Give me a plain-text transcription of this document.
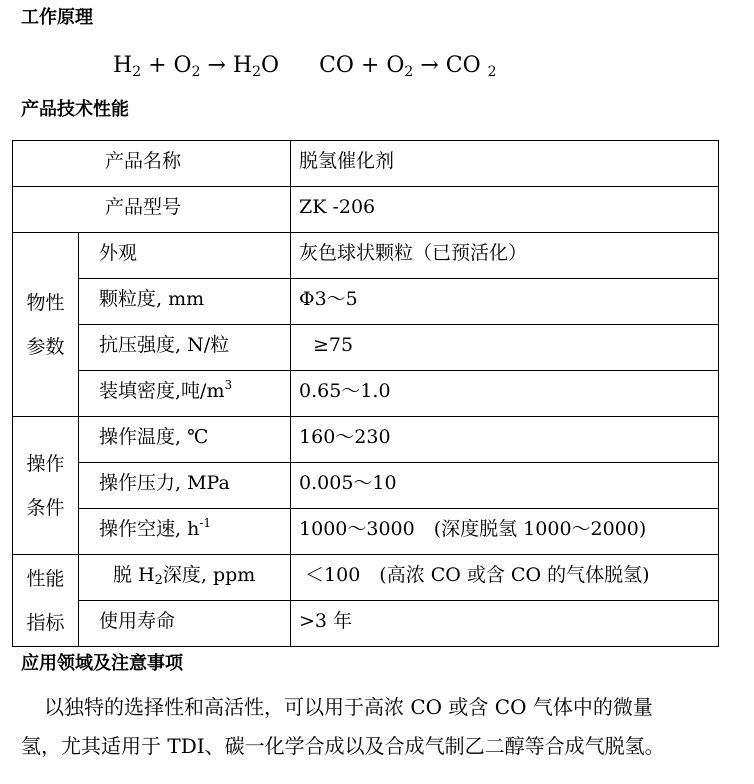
工作原理
$H_2 + O_2 \to H_2O$ CO + $O_2$ → CO $_2$
产品技术性能
产品名称		脱氢催化剂

产品型号		ZK -206

物性
参数	外观	灰色球状颗粒（已预活化）

	颗粒度, mm	Φ3～5

	抗压强度, N/粒	≥75

	装填密度,吨$/m^3$	0.65～1.0

操作
条件	操作温度, ℃	160～230

	操作压力, MPa	0.005～10

	操作空速, $h^{-1}$	1000～3000　(深度脱氢 1000～2000)

性能
指标	脱 $H_2$深度, ppm	＜100　(高浓 CO 或含 CO 的气体脱氢)

	使用寿命	>3 年
应用领域及注意事项
以独特的选择性和高活性，可以用于高浓 CO 或含 CO 气体中的微量
氢，尤其适用于 TDI、碳一化学合成以及合成气制乙二醇等合成气脱氢。
